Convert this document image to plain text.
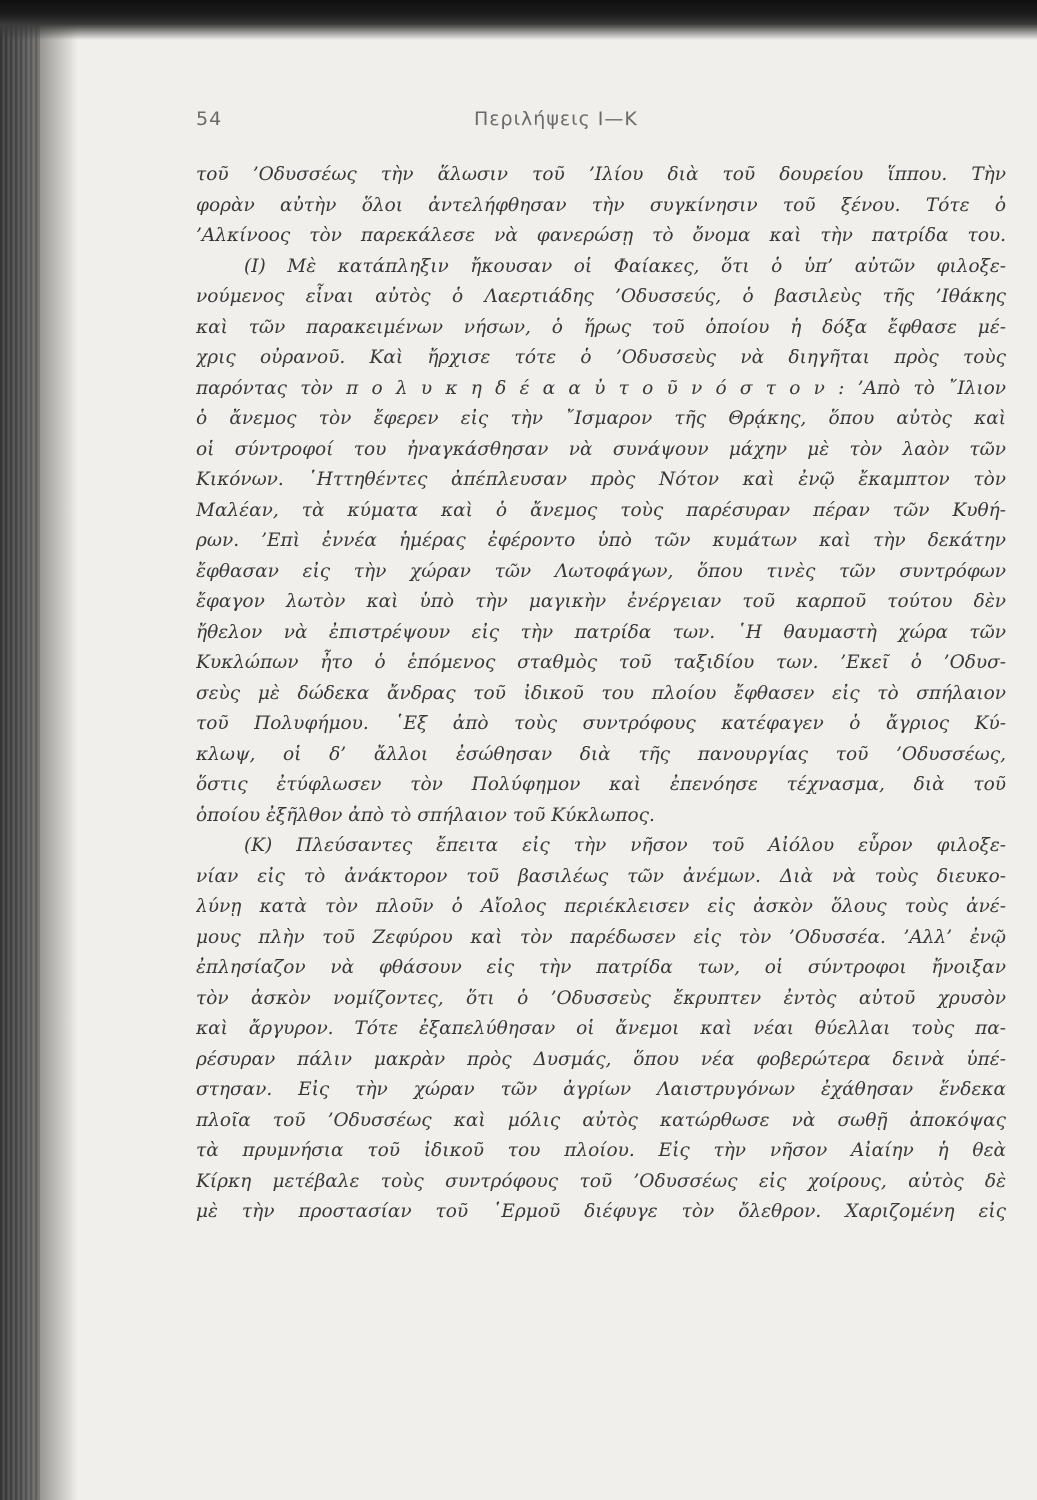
54	Περιλήψεις Ι—Κ
τοῦ ’Οδυσσέως τὴν ἅλωσιν τοῦ ’Ιλίου διὰ τοῦ δουρείου ἵππου. Τὴν
φορὰν αὐτὴν ὅλοι ἀντελήφθησαν τὴν συγκίνησιν τοῦ ξένου. Τότε ὁ
’Αλκίνοος τὸν παρεκάλεσε νὰ φανερώσῃ τὸ ὄνομα καὶ τὴν πατρίδα του.
(Ι) Μὲ κατάπληξιν ἤκουσαν οἱ Φαίακες, ὅτι ὁ ὑπ’ αὐτῶν φιλοξε-
νούμενος εἶναι αὐτὸς ὁ Λαερτιάδης ’Οδυσσεύς, ὁ βασιλεὺς τῆς ’Ιθάκης
καὶ τῶν παρακειμένων νήσων, ὁ ἥρως τοῦ ὁποίου ἡ δόξα ἔφθασε μέ-
χρις οὐρανοῦ. Καὶ ἤρχισε τότε ὁ ’Οδυσσεὺς νὰ διηγῆται πρὸς τοὺς
παρόντας τὸν π ο λ υ κ η δ έ α α ὐ τ ο ῦ ν ό σ τ ο ν : ’Απὸ τὸ ῎Ιλιον
ὁ ἄνεμος τὸν ἔφερεν εἰς τὴν ῎Ισμαρον τῆς Θρᾴκης, ὅπου αὐτὸς καὶ
οἱ σύντροφοί του ἠναγκάσθησαν νὰ συνάψουν μάχην μὲ τὸν λαὸν τῶν
Κικόνων. ῾Ηττηθέντες ἀπέπλευσαν πρὸς Νότον καὶ ἐνῷ ἔκαμπτον τὸν
Μαλέαν, τὰ κύματα καὶ ὁ ἄνεμος τοὺς παρέσυραν πέραν τῶν Κυθή-
ρων. ’Επὶ ἐννέα ἡμέρας ἐφέροντο ὑπὸ τῶν κυμάτων καὶ τὴν δεκάτην
ἔφθασαν εἰς τὴν χώραν τῶν Λωτοφάγων, ὅπου τινὲς τῶν συντρόφων
ἔφαγον λωτὸν καὶ ὑπὸ τὴν μαγικὴν ἐνέργειαν τοῦ καρποῦ τούτου δὲν
ἤθελον νὰ ἐπιστρέψουν εἰς τὴν πατρίδα των. ῾Η θαυμαστὴ χώρα τῶν
Κυκλώπων ἦτο ὁ ἑπόμενος σταθμὸς τοῦ ταξιδίου των. ’Εκεῖ ὁ ’Οδυσ-
σεὺς μὲ δώδεκα ἄνδρας τοῦ ἰδικοῦ του πλοίου ἔφθασεν εἰς τὸ σπήλαιον
τοῦ Πολυφήμου. ῾Εξ ἀπὸ τοὺς συντρόφους κατέφαγεν ὁ ἄγριος Κύ-
κλωψ, οἱ δ’ ἄλλοι ἐσώθησαν διὰ τῆς πανουργίας τοῦ ’Οδυσσέως,
ὅστις ἐτύφλωσεν τὸν Πολύφημον καὶ ἐπενόησε τέχνασμα, διὰ τοῦ
ὁποίου ἐξῆλθον ἀπὸ τὸ σπήλαιον τοῦ Κύκλωπος.
(Κ) Πλεύσαντες ἔπειτα εἰς τὴν νῆσον τοῦ Αἰόλου εὗρον φιλοξε-
νίαν εἰς τὸ ἀνάκτορον τοῦ βασιλέως τῶν ἀνέμων. Διὰ νὰ τοὺς διευκο-
λύνῃ κατὰ τὸν πλοῦν ὁ Αἴολος περιέκλεισεν εἰς ἀσκὸν ὅλους τοὺς ἀνέ-
μους πλὴν τοῦ Ζεφύρου καὶ τὸν παρέδωσεν εἰς τὸν ’Οδυσσέα. ’Αλλ’ ἐνῷ
ἐπλησίαζον νὰ φθάσουν εἰς τὴν πατρίδα των, οἱ σύντροφοι ἤνοιξαν
τὸν ἀσκὸν νομίζοντες, ὅτι ὁ ’Οδυσσεὺς ἔκρυπτεν ἐντὸς αὐτοῦ χρυσὸν
καὶ ἄργυρον. Τότε ἐξαπελύθησαν οἱ ἄνεμοι καὶ νέαι θύελλαι τοὺς πα-
ρέσυραν πάλιν μακρὰν πρὸς Δυσμάς, ὅπου νέα φοβερώτερα δεινὰ ὑπέ-
στησαν. Εἰς τὴν χώραν τῶν ἀγρίων Λαιστρυγόνων ἐχάθησαν ἕνδεκα
πλοῖα τοῦ ’Οδυσσέως καὶ μόλις αὐτὸς κατώρθωσε νὰ σωθῇ ἀποκόψας
τὰ πρυμνήσια τοῦ ἰδικοῦ του πλοίου. Εἰς τὴν νῆσον Αἰαίην ἡ θεὰ
Κίρκη μετέβαλε τοὺς συντρόφους τοῦ ’Οδυσσέως εἰς χοίρους, αὐτὸς δὲ
μὲ τὴν προστασίαν τοῦ ῾Ερμοῦ διέφυγε τὸν ὄλεθρον. Χαριζομένη εἰς
